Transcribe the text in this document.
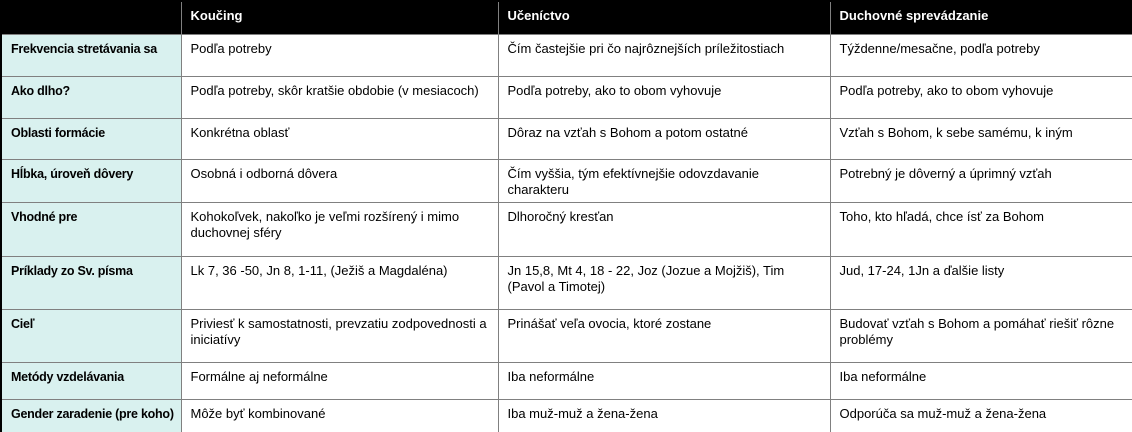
	Koučing	Učeníctvo	Duchovné sprevádzanie
Frekvencia stretávania sa	Podľa potreby	Čím častejšie pri čo najrôznejších príležitostiach	Týždenne/mesačne, podľa potreby
Ako dlho?	Podľa potreby, skôr kratšie obdobie (v mesiacoch)	Podľa potreby, ako to obom vyhovuje	Podľa potreby, ako to obom vyhovuje
Oblasti formácie	Konkrétna oblasť	Dôraz na vzťah s Bohom a potom ostatné	Vzťah s Bohom, k sebe samému, k iným
Hĺbka, úroveň dôvery	Osobná i odborná dôvera	Čím vyššia, tým efektívnejšie odovzdavanie charakteru	Potrebný je dôverný a úprimný vzťah
Vhodné pre	Kohokoľvek, nakoľko je veľmi rozšírený i mimo duchovnej sféry	Dlhoročný kresťan	Toho, kto hľadá, chce ísť za Bohom
Príklady zo Sv. písma	Lk 7, 36 -50, Jn 8, 1-11, (Ježiš a Magdaléna)	Jn 15,8, Mt 4, 18 - 22, Joz (Jozue a Mojžiš), Tim (Pavol a Timotej)	Jud, 17-24, 1Jn a ďalšie listy
Cieľ	Priviesť k samostatnosti, prevzatiu zodpovednosti a iniciatívy	Prinášať veľa ovocia, ktoré zostane	Budovať vzťah s Bohom a pomáhať riešiť rôzne problémy
Metódy vzdelávania	Formálne aj neformálne	Iba neformálne	Iba neformálne
Gender zaradenie (pre koho)	Môže byť kombinované	Iba muž-muž a žena-žena	Odporúča sa muž-muž a žena-žena
